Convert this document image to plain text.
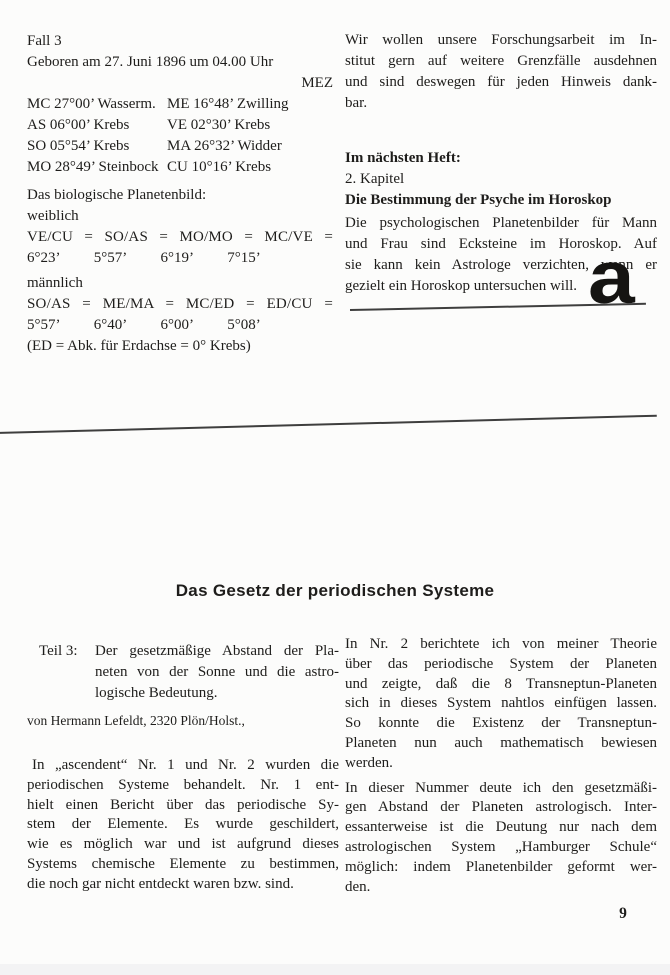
Fall 3
Geboren am 27. Juni 1896 um 04.00 Uhr
MEZ
MC 27°00’ Wasserm. ME 16°48’ Zwilling
AS 06°00’ Krebs	VE 02°30’ Krebs
SO 05°54’ Krebs	MA 26°32’ Widder
MO 28°49’ Steinbock CU 10°16’ Krebs
Das biologische Planetenbild:
weiblich
VE/CU = SO/AS = MO/MO = MC/VE =
6°23’ 5°57’ 6°19’ 7°15’
männlich
SO/AS = ME/MA = MC/ED = ED/CU =
5°57’ 6°40’ 6°00’ 5°08’
(ED = Abk. für Erdachse = 0° Krebs)
Wir wollen unsere Forschungsarbeit im In-
stitut gern auf weitere Grenzfälle ausdehnen
und sind deswegen für jeden Hinweis dank-
bar.
Im nächsten Heft:
2. Kapitel
Die Bestimmung der Psyche im Horoskop
Die psychologischen Planetenbilder für Mann
und Frau sind Ecksteine im Horoskop. Auf
sie kann kein Astrologe verzichten, wenn er
gezielt ein Horoskop untersuchen will. a
Das Gesetz der periodischen Systeme
Teil 3:	Der gesetzmäßige Abstand der Pla-
neten von der Sonne und die astro-
logische Bedeutung.
von Hermann Lefeldt, 2320 Plön/Holst.,
In „ascendent“ Nr. 1 und Nr. 2 wurden die
periodischen Systeme behandelt. Nr. 1 ent-
hielt einen Bericht über das periodische Sy-
stem der Elemente. Es wurde geschildert,
wie es möglich war und ist aufgrund dieses
Systems chemische Elemente zu bestimmen,
die noch gar nicht entdeckt waren bzw. sind.
In Nr. 2 berichtete ich von meiner Theorie
über das periodische System der Planeten
und zeigte, daß die 8 Transneptun-Planeten
sich in dieses System nahtlos einfügen lassen.
So konnte die Existenz der Transneptun-
Planeten nun auch mathematisch bewiesen
werden.
In dieser Nummer deute ich den gesetzmäßi-
gen Abstand der Planeten astrologisch. Inter-
essanterweise ist die Deutung nur nach dem
astrologischen System „Hamburger Schule“
möglich: indem Planetenbilder geformt wer-
den.
9
